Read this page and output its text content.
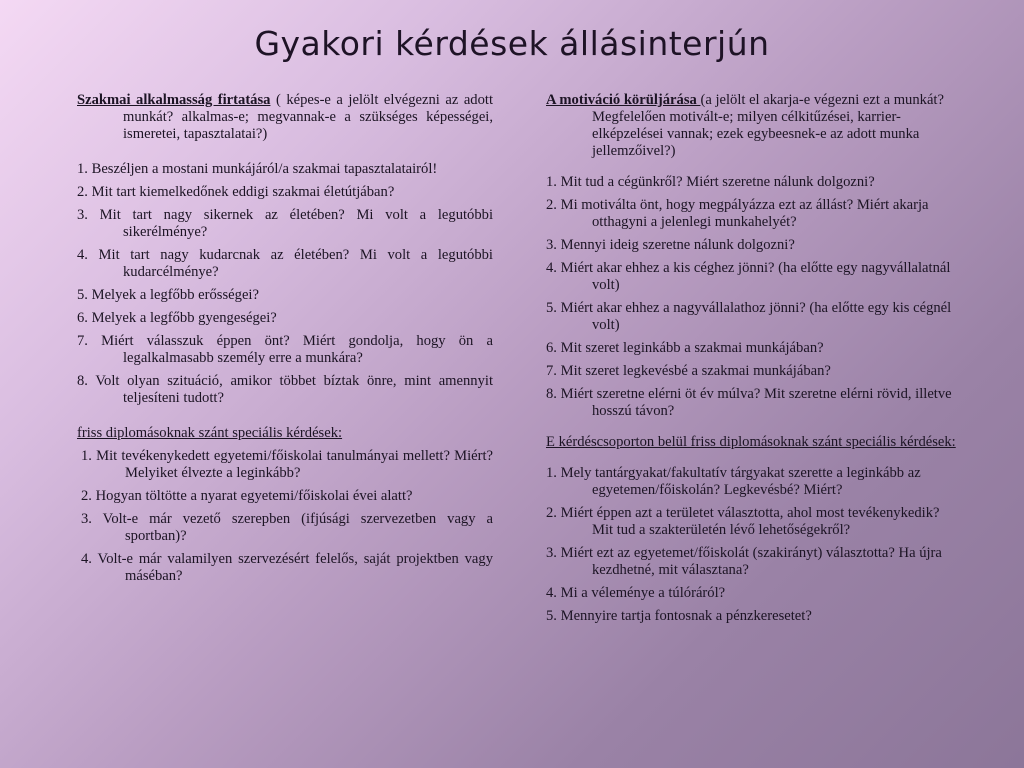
Gyakori kérdések állásinterjún

Szakmai alkalmasság firtatása ( képes-e a jelölt elvégezni az adott munkát? alkalmas-e; megvannak-e a szükséges képességei, ismeretei, tapasztalatai?)

1. Beszéljen a mostani munkájáról/a szakmai tapasztalatairól!

2. Mit tart kiemelkedőnek eddigi szakmai életútjában?

3. Mit tart nagy sikernek az életében? Mi volt a legutóbbi sikerélménye?

4. Mit tart nagy kudarcnak az életében? Mi volt a legutóbbi kudarcélménye?

5. Melyek a legfőbb erősségei?

6. Melyek a legfőbb gyengeségei?

7. Miért válasszuk éppen önt? Miért gondolja, hogy ön a legalkalmasabb személy erre a munkára?

8. Volt olyan szituáció, amikor többet bíztak önre, mint amennyit teljesíteni tudott?

friss diplomásoknak szánt speciális kérdések:

1. Mit tevékenykedett egyetemi/főiskolai tanulmányai mellett? Miért? Melyiket élvezte a leginkább?

2. Hogyan töltötte a nyarat egyetemi/főiskolai évei alatt?

3. Volt-e már vezető szerepben (ifjúsági szervezetben vagy a sportban)?

4. Volt-e már valamilyen szervezésért felelős, saját projektben vagy máséban?

A motiváció körüljárása (a jelölt el akarja-e végezni ezt a munkát? Megfelelően motivált-e; milyen célkitűzései, karrier-elképzelései vannak; ezek egybeesnek-e az adott munka jellemzőivel?)

1. Mit tud a cégünkről? Miért szeretne nálunk dolgozni?

2. Mi motiválta önt, hogy megpályázza ezt az állást? Miért akarja otthagyni a jelenlegi munkahelyét?

3. Mennyi ideig szeretne nálunk dolgozni?

4. Miért akar ehhez a kis céghez jönni? (ha előtte egy nagyvállalatnál volt)

5. Miért akar ehhez a nagyvállalathoz jönni? (ha előtte egy kis cégnél volt)

6. Mit szeret leginkább a szakmai munkájában?

7. Mit szeret legkevésbé a szakmai munkájában?

8. Miért szeretne elérni öt év múlva? Mit szeretne elérni rövid, illetve hosszú távon?

E kérdéscsoporton belül friss diplomásoknak szánt speciális kérdések:

1. Mely tantárgyakat/fakultatív tárgyakat szerette a leginkább az egyetemen/főiskolán? Legkevésbé? Miért?

2. Miért éppen azt a területet választotta, ahol most tevékenykedik? Mit tud a szakterületén lévő lehetőségekről?

3. Miért ezt az egyetemet/főiskolát (szakirányt) választotta? Ha újra kezdhetné, mit választana?

4. Mi a véleménye a túlóráról?

5. Mennyire tartja fontosnak a pénzkeresetet?
